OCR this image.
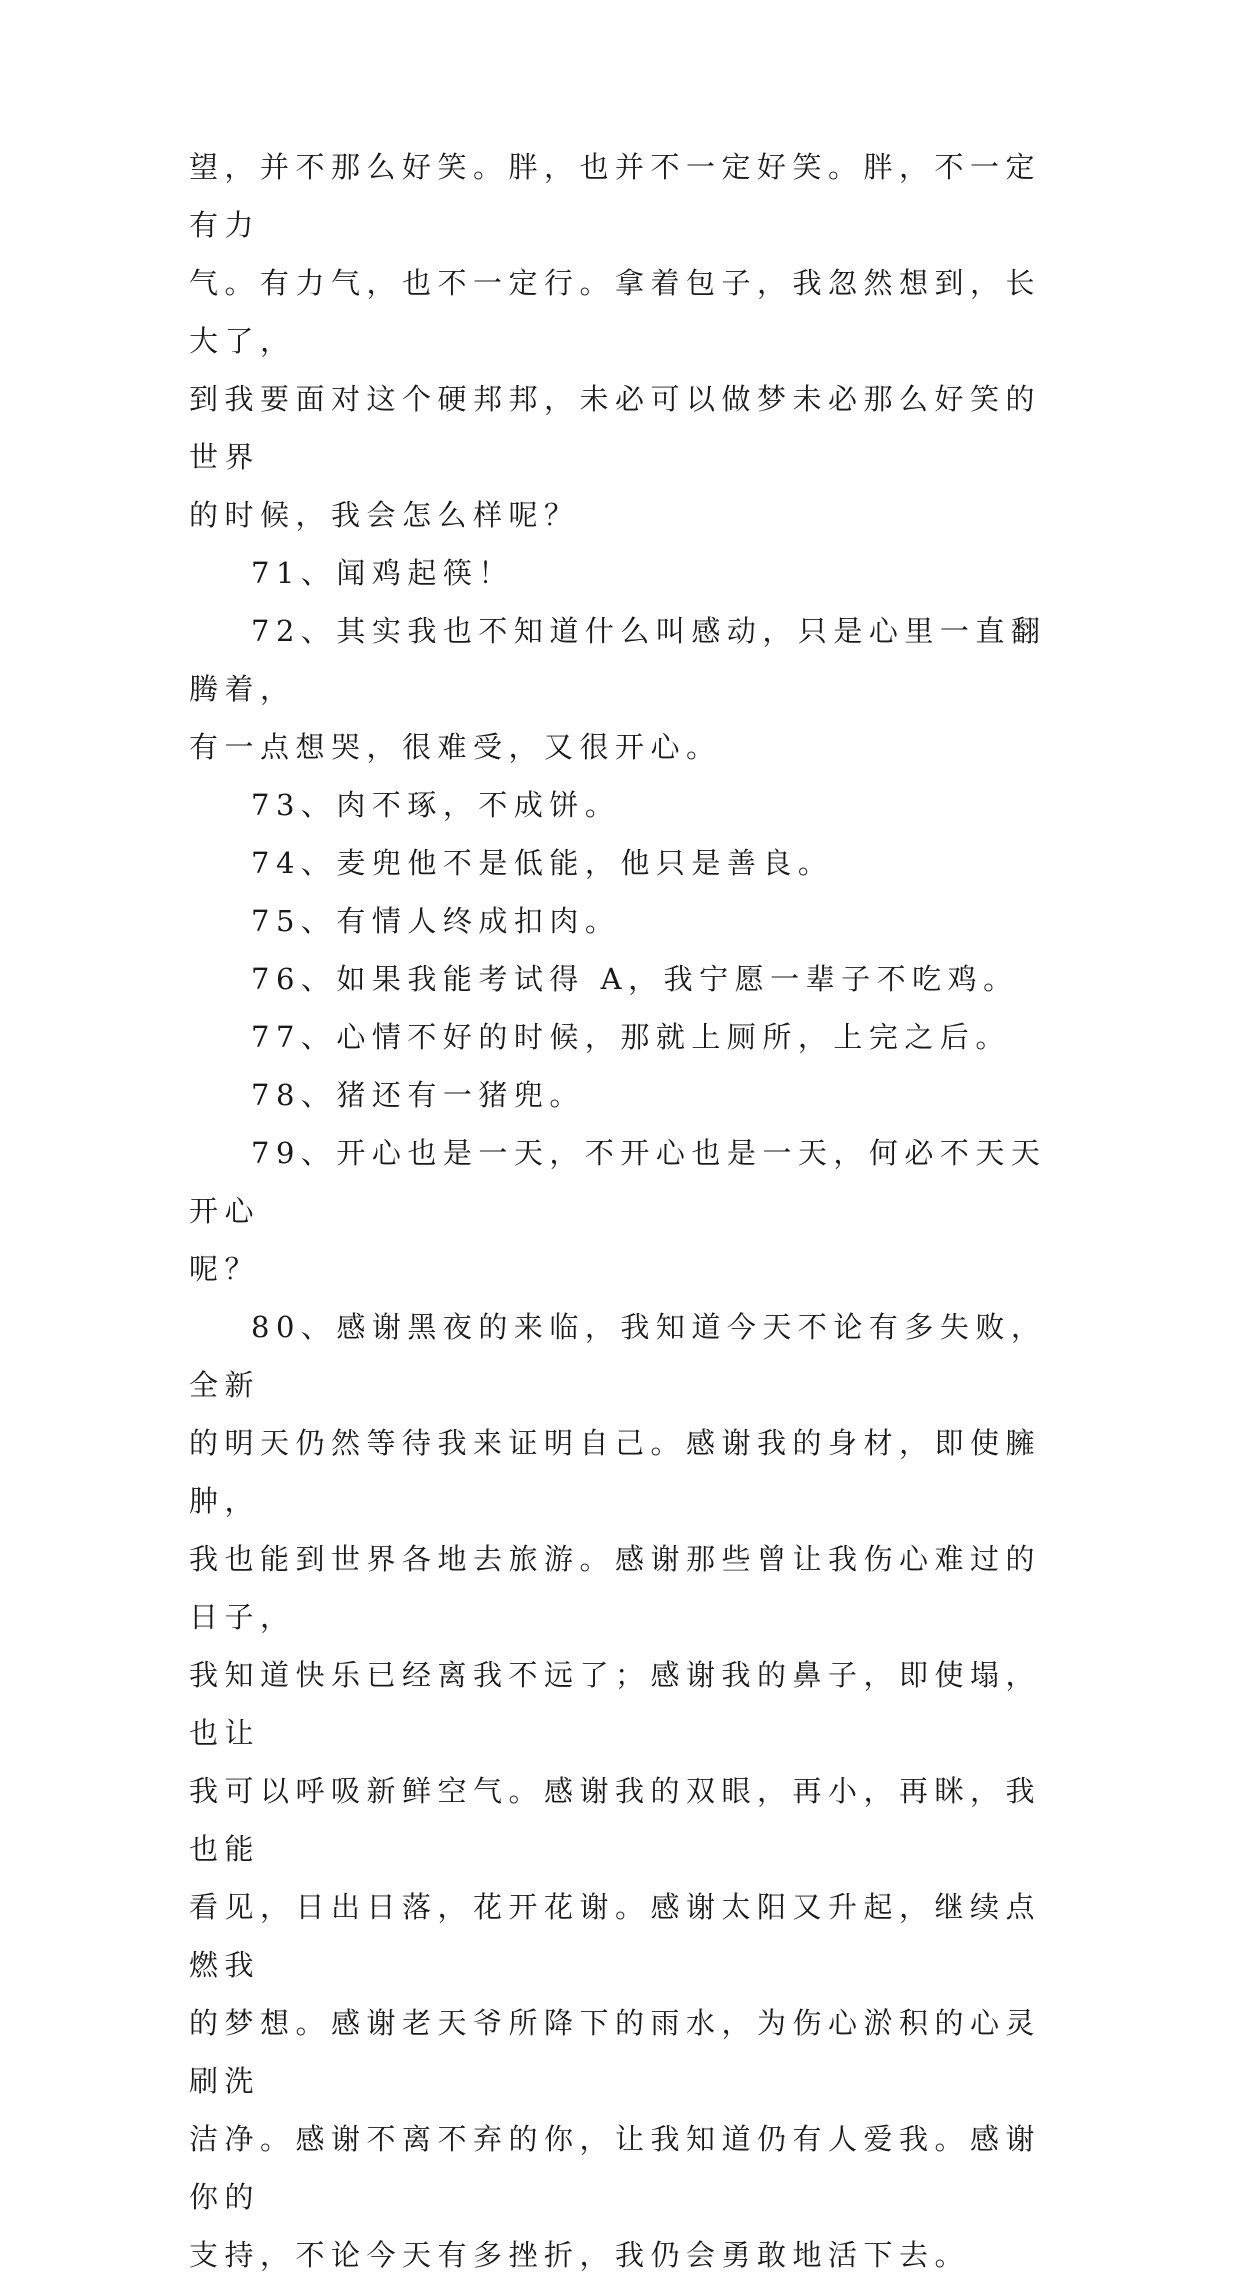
望，并不那么好笑。胖，也并不一定好笑。胖，不一定有力

气。有力气，也不一定行。拿着包子，我忽然想到，长大了，

到我要面对这个硬邦邦，未必可以做梦未必那么好笑的世界

的时候，我会怎么样呢？

71、闻鸡起筷！

72、其实我也不知道什么叫感动，只是心里一直翻腾着，

有一点想哭，很难受，又很开心。

73、肉不琢，不成饼。

74、麦兜他不是低能，他只是善良。

75、有情人终成扣肉。

76、如果我能考试得 A，我宁愿一辈子不吃鸡。

77、心情不好的时候，那就上厕所，上完之后。

78、猪还有一猪兜。

79、开心也是一天，不开心也是一天，何必不天天开心

呢？

80、感谢黑夜的来临，我知道今天不论有多失败，全新

的明天仍然等待我来证明自己。感谢我的身材，即使臃肿，

我也能到世界各地去旅游。感谢那些曾让我伤心难过的日子，

我知道快乐已经离我不远了；感谢我的鼻子，即使塌，也让

我可以呼吸新鲜空气。感谢我的双眼，再小，再眯，我也能

看见，日出日落，花开花谢。感谢太阳又升起，继续点燃我

的梦想。感谢老天爷所降下的雨水，为伤心淤积的心灵刷洗

洁净。感谢不离不弃的你，让我知道仍有人爱我。感谢你的

支持，不论今天有多挫折，我仍会勇敢地活下去。
